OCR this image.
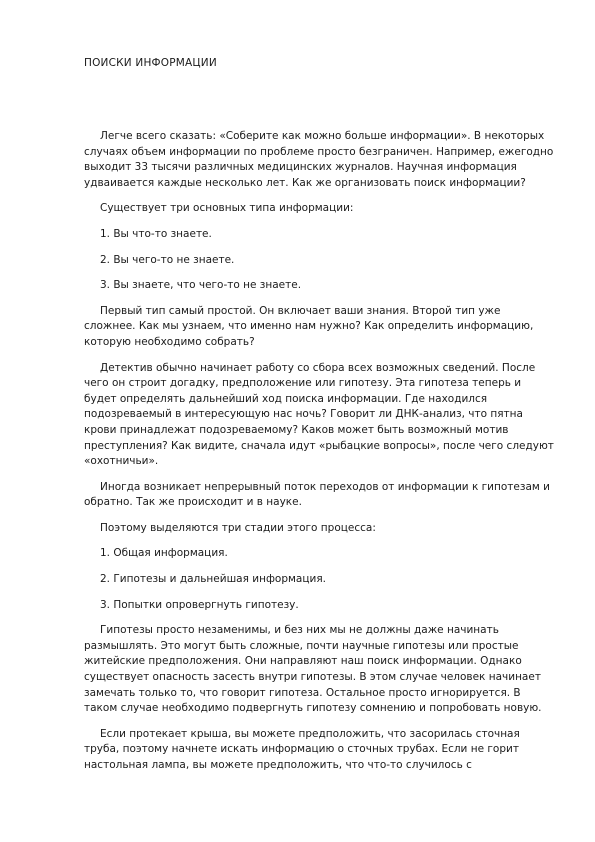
ПОИСКИ ИНФОРМАЦИИ

Легче всего сказать: «Соберите как можно больше информации». В некоторых случаях объем информации по проблеме просто безграничен. Например, ежегодно выходит 33 тысячи различных медицинских журналов. Научная информация удваивается каждые несколько лет. Как же организовать поиск информации?

Существует три основных типа информации:

1. Вы что-то знаете.

2. Вы чего-то не знаете.

3. Вы знаете, что чего-то не знаете.

Первый тип самый простой. Он включает ваши знания. Второй тип уже сложнее. Как мы узнаем, что именно нам нужно? Как определить информацию, которую необходимо собрать?

Детектив обычно начинает работу со сбора всех возможных сведений. После чего он строит догадку, предположение или гипотезу. Эта гипотеза теперь и будет определять дальнейший ход поиска информации. Где находился подозреваемый в интересующую нас ночь? Говорит ли ДНК-анализ, что пятна крови принадлежат подозреваемому? Каков может быть возможный мотив преступления? Как видите, сначала идут «рыбацкие вопросы», после чего следуют «охотничьи».

Иногда возникает непрерывный поток переходов от информации к гипотезам и обратно. Так же происходит и в науке.

Поэтому выделяются три стадии этого процесса:

1. Общая информация.

2. Гипотезы и дальнейшая информация.

3. Попытки опровергнуть гипотезу.

Гипотезы просто незаменимы, и без них мы не должны даже начинать размышлять. Это могут быть сложные, почти научные гипотезы или простые житейские предположения. Они направляют наш поиск информации. Однако существует опасность засесть внутри гипотезы. В этом случае человек начинает замечать только то, что говорит гипотеза. Остальное просто игнорируется. В таком случае необходимо подвергнуть гипотезу сомнению и попробовать новую.

Если протекает крыша, вы можете предположить, что засорилась сточная труба, поэтому начнете искать информацию о сточных трубах. Если не горит настольная лампа, вы можете предположить, что что-то случилось с
